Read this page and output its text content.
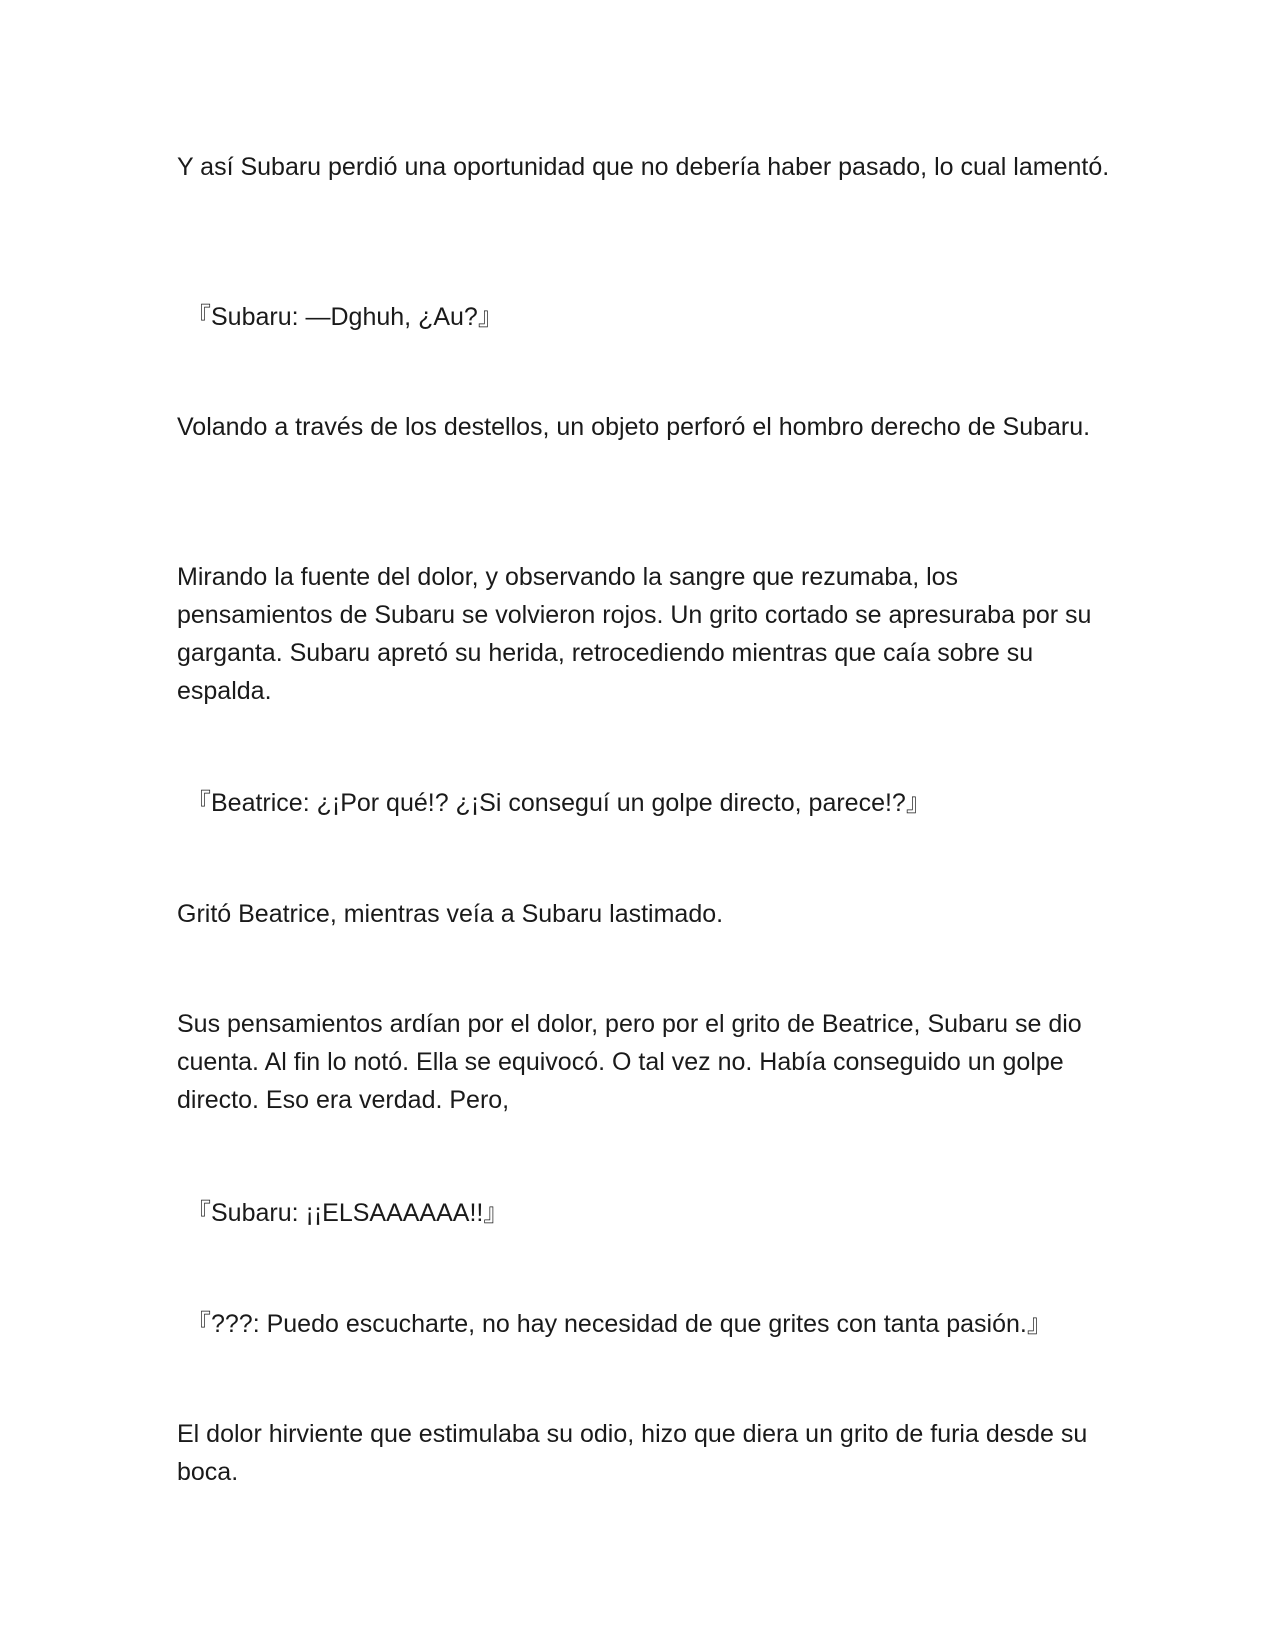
Y así Subaru perdió una oportunidad que no debería haber pasado, lo cual lamentó.

『Subaru: —Dghuh, ¿Au?』

Volando a través de los destellos, un objeto perforó el hombro derecho de Subaru.

Mirando la fuente del dolor, y observando la sangre que rezumaba, los pensamientos de Subaru se volvieron rojos. Un grito cortado se apresuraba por su garganta. Subaru apretó su herida, retrocediendo mientras que caía sobre su espalda.

『Beatrice: ¿¡Por qué!? ¿¡Si conseguí un golpe directo, parece!?』

Gritó Beatrice, mientras veía a Subaru lastimado.

Sus pensamientos ardían por el dolor, pero por el grito de Beatrice, Subaru se dio cuenta. Al fin lo notó. Ella se equivocó. O tal vez no. Había conseguido un golpe directo. Eso era verdad. Pero,

『Subaru: ¡¡ELSAAAAAA!!』

『???: Puedo escucharte, no hay necesidad de que grites con tanta pasión.』

El dolor hirviente que estimulaba su odio, hizo que diera un grito de furia desde su boca.
